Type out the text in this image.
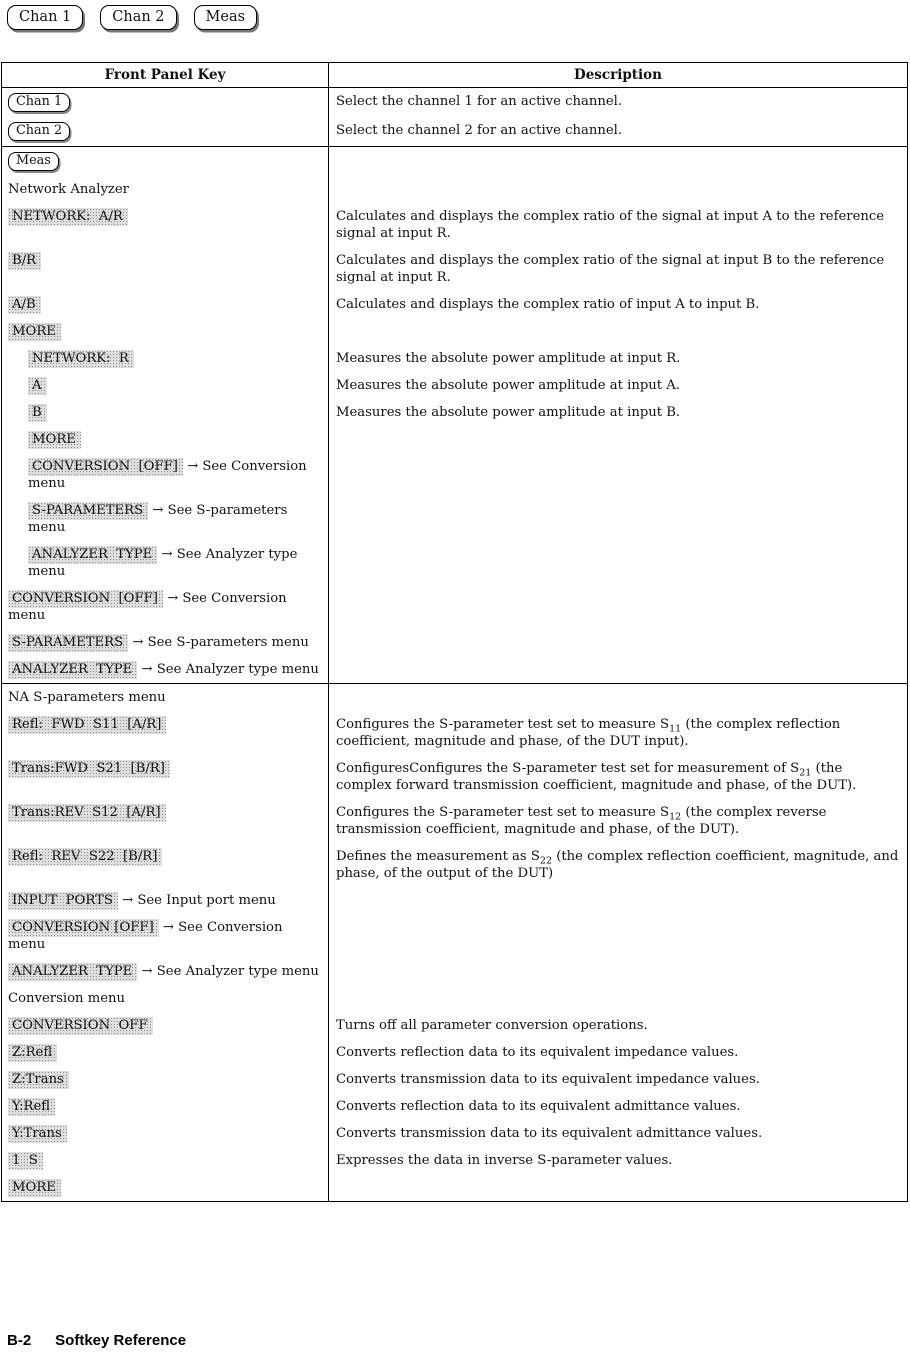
Chan 1	Chan 2	Meas
Front Panel Key	Description
Chan 1	Select the channel 1 for an active channel.
Chan 2	Select the channel 2 for an active channel.
Meas	
Network Analyzer	
NETWORK:  A/R	Calculates and displays the complex ratio of the signal at input A to the reference signal at input R.
B/R	Calculates and displays the complex ratio of the signal at input B to the reference signal at input R.
A/B	Calculates and displays the complex ratio of input A to input B.
MORE	
NETWORK:  R	Measures the absolute power amplitude at input R.
A	Measures the absolute power amplitude at input A.
B	Measures the absolute power amplitude at input B.
MORE	
CONVERSION  [OFF] → See Conversion menu	
S-PARAMETERS → See S-parameters menu	
ANALYZER  TYPE → See Analyzer type menu	
CONVERSION  [OFF] → See Conversion menu	
S-PARAMETERS → See S-parameters menu	
ANALYZER  TYPE → See Analyzer type menu	
NA S-parameters menu	
Refl:  FWD  S11  [A/R]	Configures the S-parameter test set to measure $S_{11}$ (the complex reflection coefficient, magnitude and phase, of the DUT input).
Trans:FWD  S21  [B/R]	ConfiguresConfigures the S-parameter test set for measurement of $S_{21}$ (the complex forward transmission coefficient, magnitude and phase, of the DUT).
Trans:REV  S12  [A/R]	Configures the S-parameter test set to measure $S_{12}$ (the complex reverse transmission coefficient, magnitude and phase, of the DUT).
Refl:  REV  S22  [B/R]	Defines the measurement as $S_{22}$ (the complex reflection coefficient, magnitude, and phase, of the output of the DUT)
INPUT  PORTS → See Input port menu	
CONVERSION [OFF] → See Conversion menu	
ANALYZER  TYPE → See Analyzer type menu	
Conversion menu	
CONVERSION  OFF	Turns off all parameter conversion operations.
Z:Refl	Converts reflection data to its equivalent impedance values.
Z:Trans	Converts transmission data to its equivalent impedance values.
Y:Refl	Converts reflection data to its equivalent admittance values.
Y:Trans	Converts transmission data to its equivalent admittance values.
1  S	Expresses the data in inverse S-parameter values.
MORE	
B-2 Softkey Reference
